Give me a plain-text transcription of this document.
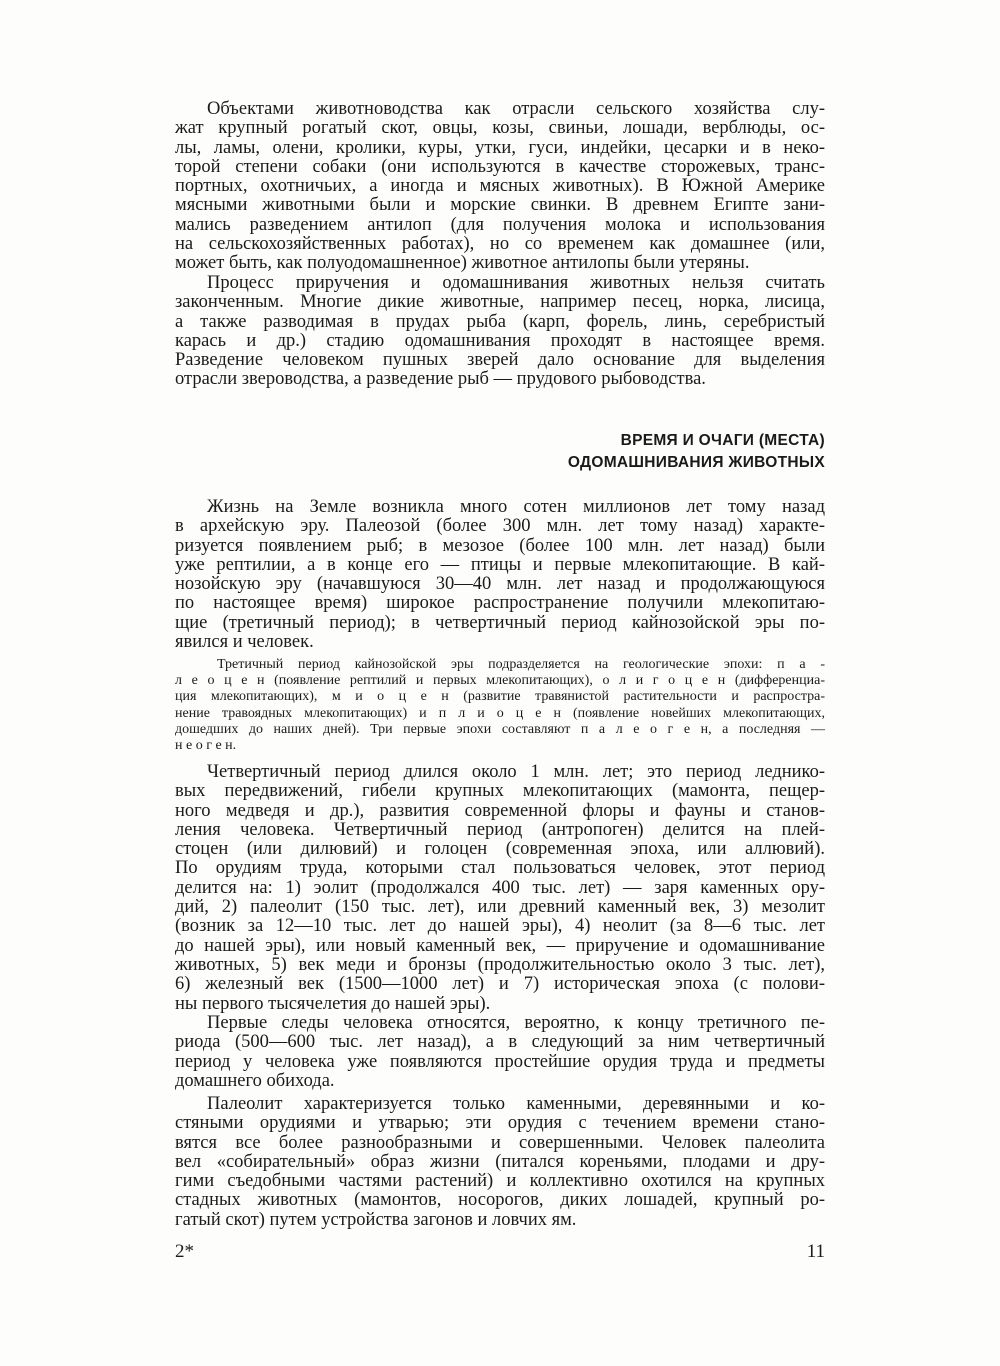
Объектами животноводства как отрасли сельского хозяйства слу-
жат крупный рогатый скот, овцы, козы, свиньи, лошади, верблюды, ос-
лы, ламы, олени, кролики, куры, утки, гуси, индейки, цесарки и в неко-
торой степени собаки (они используются в качестве сторожевых, транс-
портных, охотничьих, а иногда и мясных животных). В Южной Америке
мясными животными были и морские свинки. В древнем Египте зани-
мались разведением антилоп (для получения молока и использования
на сельскохозяйственных работах), но со временем как домашнее (или,
может быть, как полуодомашненное) животное антилопы были утеряны.
Процесс приручения и одомашнивания животных нельзя считать
законченным. Многие дикие животные, например песец, норка, лисица,
а также разводимая в прудах рыба (карп, форель, линь, серебристый
карась и др.) стадию одомашнивания проходят в настоящее время.
Разведение человеком пушных зверей дало основание для выделения
отрасли звероводства, а разведение рыб — прудового рыбоводства.
ВРЕМЯ И ОЧАГИ (МЕСТА)
ОДОМАШНИВАНИЯ ЖИВОТНЫХ
Жизнь на Земле возникла много сотен миллионов лет тому назад
в архейскую эру. Палеозой (более 300 млн. лет тому назад) характе-
ризуется появлением рыб; в мезозое (более 100 млн. лет назад) были
уже рептилии, а в конце его — птицы и первые млекопитающие. В кай-
нозойскую эру (начавшуюся 30—40 млн. лет назад и продолжающуюся
по настоящее время) широкое распространение получили млекопитаю-
щие (третичный период); в четвертичный период кайнозойской эры по-
явился и человек.
Третичный период кайнозойской эры подразделяется на геологические эпохи: п а -
л е о ц е н (появление рептилий и первых млекопитающих), о л и г о ц е н (дифференциа-
ция млекопитающих), м и о ц е н (развитие травянистой растительности и распростра-
нение травоядных млекопитающих) и п л и о ц е н (появление новейших млекопитающих,
дошедших до наших дней). Три первые эпохи составляют п а л е о г е н, а последняя —
н е о г е н.
Четвертичный период длился около 1 млн. лет; это период леднико-
вых передвижений, гибели крупных млекопитающих (мамонта, пещер-
ного медведя и др.), развития современной флоры и фауны и станов-
ления человека. Четвертичный период (антропоген) делится на плей-
стоцен (или дилювий) и голоцен (современная эпоха, или аллювий).
По орудиям труда, которыми стал пользоваться человек, этот период
делится на: 1) эолит (продолжался 400 тыс. лет) — заря каменных ору-
дий, 2) палеолит (150 тыс. лет), или древний каменный век, 3) мезолит
(возник за 12—10 тыс. лет до нашей эры), 4) неолит (за 8—6 тыс. лет
до нашей эры), или новый каменный век, — приручение и одомашнивание
животных, 5) век меди и бронзы (продолжительностью около 3 тыс. лет),
6) железный век (1500—1000 лет) и 7) историческая эпоха (с полови-
ны первого тысячелетия до нашей эры).
Первые следы человека относятся, вероятно, к концу третичного пе-
риода (500—600 тыс. лет назад), а в следующий за ним четвертичный
период у человека уже появляются простейшие орудия труда и предметы
домашнего обихода.
Палеолит характеризуется только каменными, деревянными и ко-
стяными орудиями и утварью; эти орудия с течением времени стано-
вятся все более разнообразными и совершенными. Человек палеолита
вел «собирательный» образ жизни (питался кореньями, плодами и дру-
гими съедобными частями растений) и коллективно охотился на крупных
стадных животных (мамонтов, носорогов, диких лошадей, крупный ро-
гатый скот) путем устройства загонов и ловчих ям.
2*	11
